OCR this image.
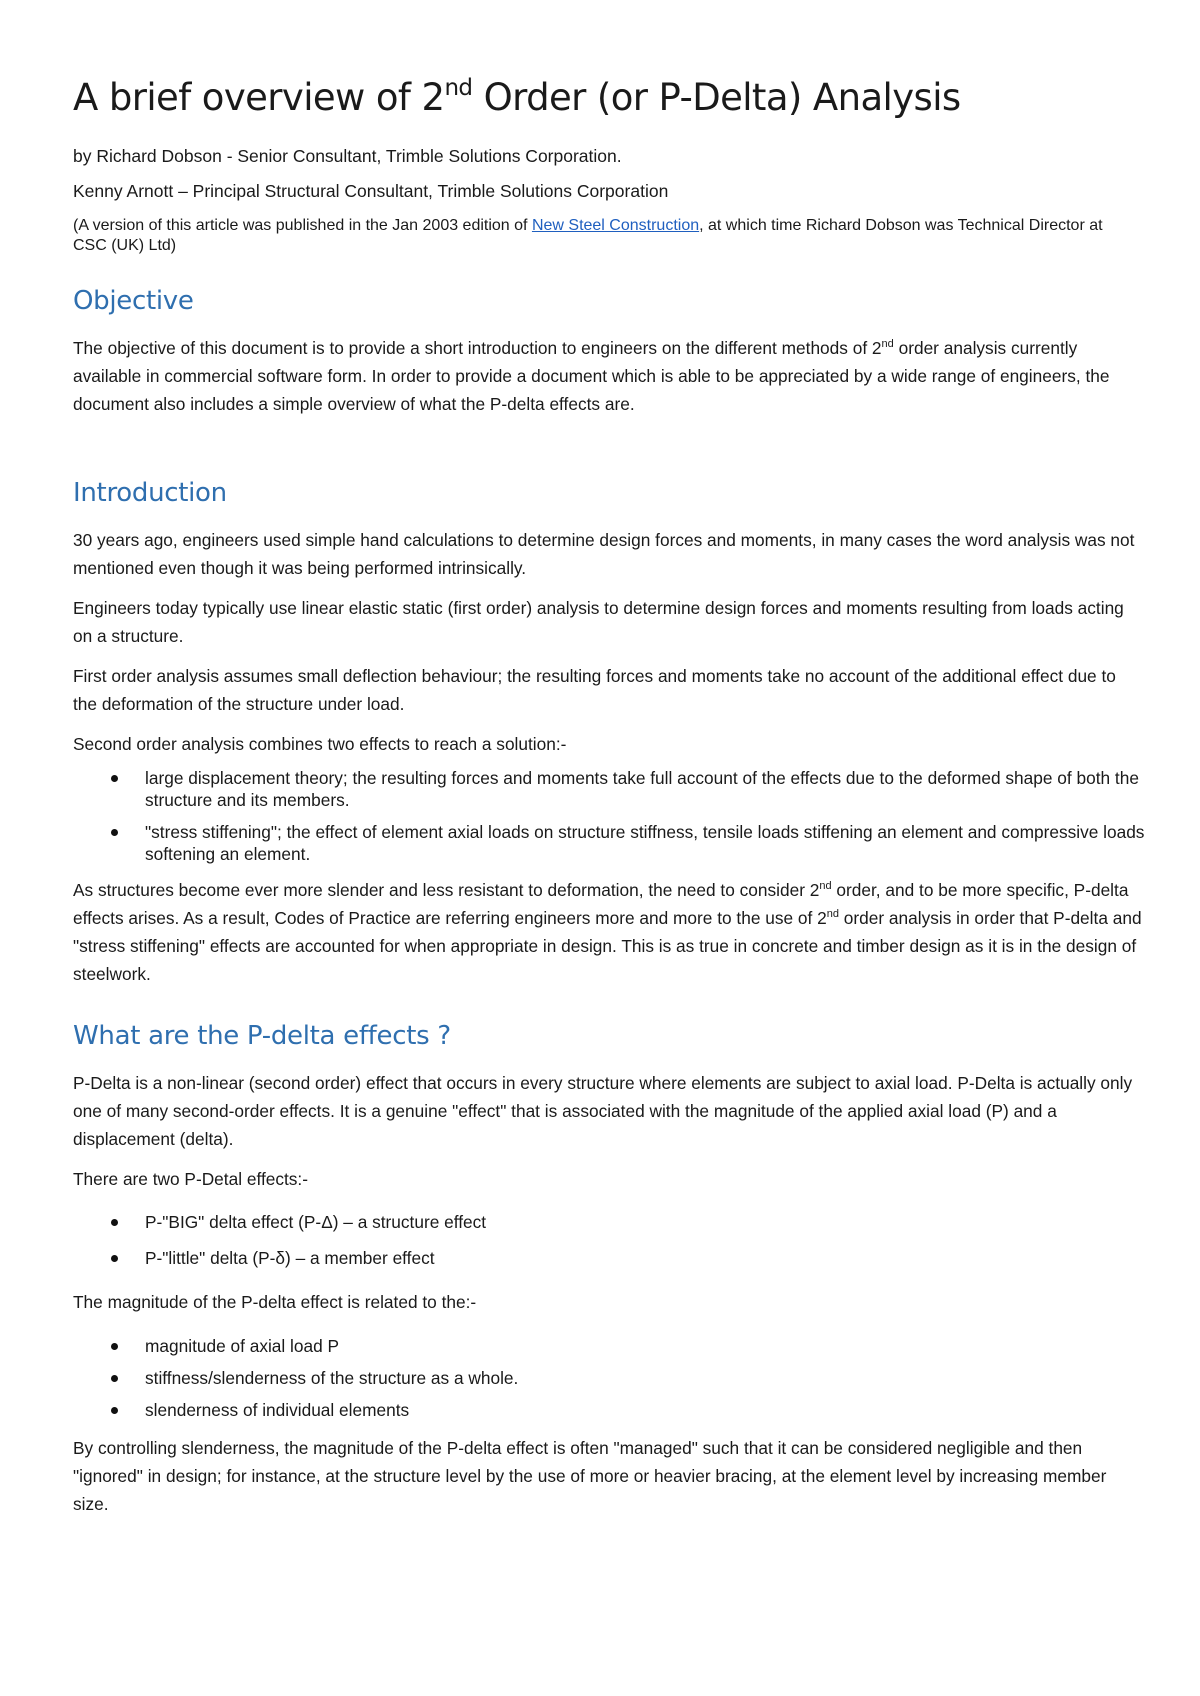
A brief overview of 2nd Order (or P-Delta) Analysis

by Richard Dobson - Senior Consultant, Trimble Solutions Corporation.

Kenny Arnott – Principal Structural Consultant, Trimble Solutions Corporation

(A version of this article was published in the Jan 2003 edition of New Steel Construction, at which time Richard Dobson was Technical Director at CSC (UK) Ltd)

Objective

The objective of this document is to provide a short introduction to engineers on the different methods of 2nd order analysis currently available in commercial software form. In order to provide a document which is able to be appreciated by a wide range of engineers, the document also includes a simple overview of what the P-delta effects are.

Introduction

30 years ago, engineers used simple hand calculations to determine design forces and moments, in many cases the word analysis was not mentioned even though it was being performed intrinsically.

Engineers today typically use linear elastic static (first order) analysis to determine design forces and moments resulting from loads acting on a structure.

First order analysis assumes small deflection behaviour; the resulting forces and moments take no account of the additional effect due to the deformation of the structure under load.

Second order analysis combines two effects to reach a solution:-

large displacement theory; the resulting forces and moments take full account of the effects due to the deformed shape of both the structure and its members.

"stress stiffening"; the effect of element axial loads on structure stiffness, tensile loads stiffening an element and compressive loads softening an element.

As structures become ever more slender and less resistant to deformation, the need to consider 2nd order, and to be more specific, P-delta effects arises. As a result, Codes of Practice are referring engineers more and more to the use of 2nd order analysis in order that P-delta and "stress stiffening" effects are accounted for when appropriate in design. This is as true in concrete and timber design as it is in the design of steelwork.

What are the P-delta effects ?

P-Delta is a non-linear (second order) effect that occurs in every structure where elements are subject to axial load. P-Delta is actually only one of many second-order effects. It is a genuine "effect" that is associated with the magnitude of the applied axial load (P) and a displacement (delta).

There are two P-Detal effects:-

P-"BIG" delta effect (P-Δ) – a structure effect

P-"little" delta (P-δ) – a member effect

The magnitude of the P-delta effect is related to the:-

magnitude of axial load P

stiffness/slenderness of the structure as a whole.

slenderness of individual elements

By controlling slenderness, the magnitude of the P-delta effect is often "managed" such that it can be considered negligible and then "ignored" in design; for instance, at the structure level by the use of more or heavier bracing, at the element level by increasing member size.
